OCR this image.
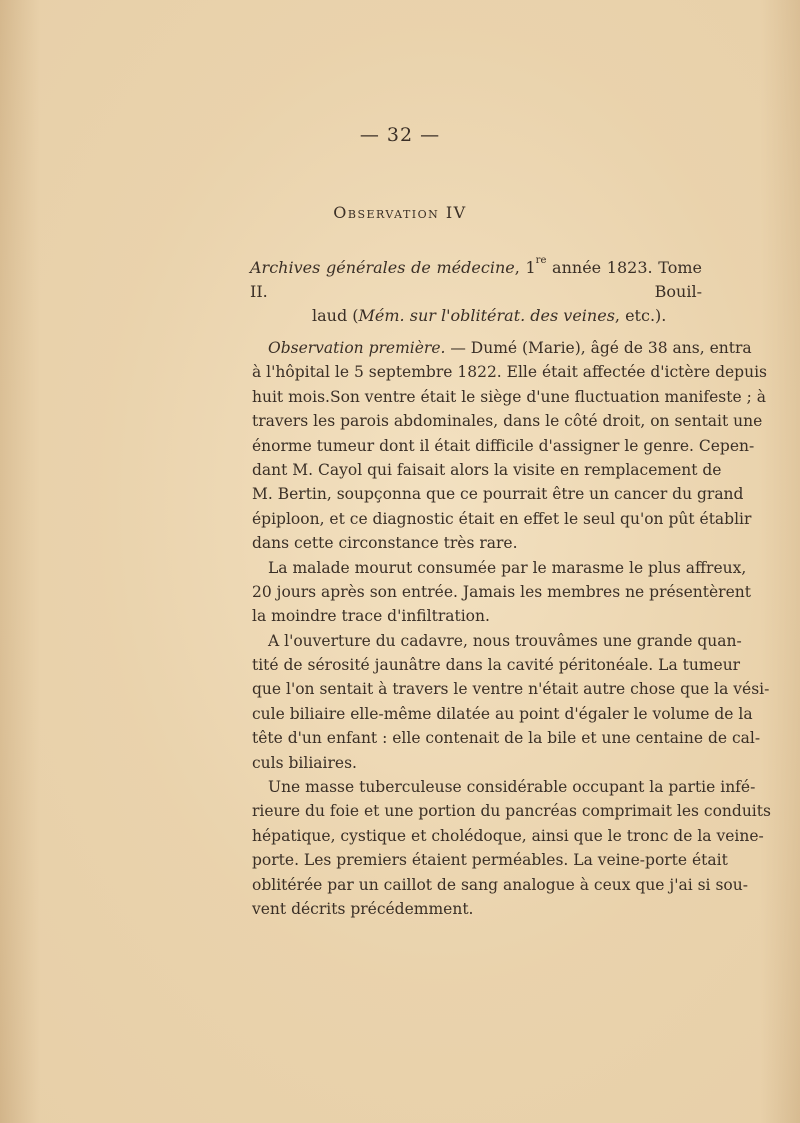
— 32 —
Observation IV

Archives générales de médecine, 1re année 1823. Tome II. Bouil-

laud (Mém. sur l'oblitérat. des veines, etc.).

Observation première. — Dumé (Marie), âgé de 38 ans, entra
à l'hôpital le 5 septembre 1822. Elle était affectée d'ictère depuis
huit mois.Son ventre était le siège d'une fluctuation manifeste ; à
travers les parois abdominales, dans le côté droit, on sentait une
énorme tumeur dont il était difficile d'assigner le genre. Cepen-
dant M. Cayol qui faisait alors la visite en remplacement de
M. Bertin, soupçonna que ce pourrait être un cancer du grand
épiploon, et ce diagnostic était en effet le seul qu'on pût établir
dans cette circonstance très rare.
La malade mourut consumée par le marasme le plus affreux,
20 jours après son entrée. Jamais les membres ne présentèrent
la moindre trace d'infiltration.
A l'ouverture du cadavre, nous trouvâmes une grande quan-
tité de sérosité jaunâtre dans la cavité péritonéale. La tumeur
que l'on sentait à travers le ventre n'était autre chose que la vési-
cule biliaire elle-même dilatée au point d'égaler le volume de la
tête d'un enfant : elle contenait de la bile et une centaine de cal-
culs biliaires.
Une masse tuberculeuse considérable occupant la partie infé-
rieure du foie et une portion du pancréas comprimait les conduits
hépatique, cystique et cholédoque, ainsi que le tronc de la veine-
porte. Les premiers étaient perméables. La veine-porte était
oblitérée par un caillot de sang analogue à ceux que j'ai si sou-
vent décrits précédemment.
